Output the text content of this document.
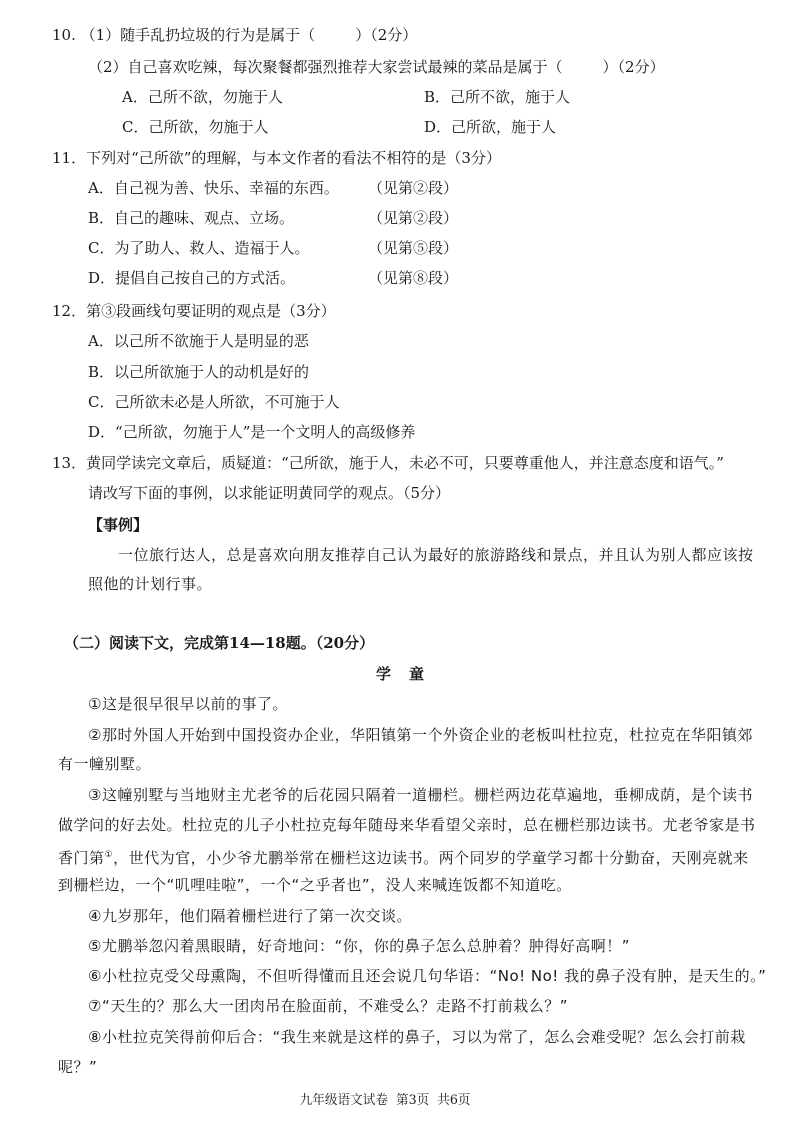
10. （1）随手乱扔垃圾的行为是属于（	）（2分）
（2）自己喜欢吃辣，每次聚餐都强烈推荐大家尝试最辣的菜品是属于（	）（2分）
A．己所不欲，勿施于人	B．己所不欲，施于人
C．己所欲，勿施于人	D．己所欲，施于人
11．下列对“己所欲”的理解，与本文作者的看法不相符的是（3分）
A．自己视为善、快乐、幸福的东西。 （见第②段）
B．自己的趣味、观点、立场。	（见第②段）
C．为了助人、救人、造福于人。	（见第⑤段）
D．提倡自己按自己的方式活。	（见第⑧段）
12．第③段画线句要证明的观点是（3分）
A．以己所不欲施于人是明显的恶
B．以己所欲施于人的动机是好的
C．己所欲未必是人所欲，不可施于人
D．“己所欲，勿施于人”是一个文明人的高级修养
13．黄同学读完文章后，质疑道：“己所欲，施于人，未必不可，只要尊重他人，并注意态度和语气。”
请改写下面的事例，以求能证明黄同学的观点。（5分）
【事例】
一位旅行达人，总是喜欢向朋友推荐自己认为最好的旅游路线和景点，并且认为别人都应该按
照他的计划行事。
（二）阅读下文，完成第14—18题。（20分）
学童
①这是很早很早以前的事了。
②那时外国人开始到中国投资办企业，华阳镇第一个外资企业的老板叫杜拉克，杜拉克在华阳镇郊
有一幢别墅。
③这幢别墅与当地财主尤老爷的后花园只隔着一道栅栏。栅栏两边花草遍地，垂柳成荫，是个读书
做学问的好去处。杜拉克的儿子小杜拉克每年随母来华看望父亲时，总在栅栏那边读书。尤老爷家是书
香门第①，世代为官，小少爷尤鹏举常在栅栏这边读书。两个同岁的学童学习都十分勤奋，天刚亮就来
到栅栏边，一个“叽哩哇啦”，一个“之乎者也”，没人来喊连饭都不知道吃。
④九岁那年，他们隔着栅栏进行了第一次交谈。
⑤尤鹏举忽闪着黑眼睛，好奇地问：“你，你的鼻子怎么总肿着？肿得好高啊！”
⑥小杜拉克受父母熏陶，不但听得懂而且还会说几句华语：“No! No! 我的鼻子没有肿，是天生的。”
⑦“天生的？那么大一团肉吊在脸面前，不难受么？走路不打前栽么？”
⑧小杜拉克笑得前仰后合：“我生来就是这样的鼻子，习以为常了，怎么会难受呢？怎么会打前栽
呢？”
九年级语文试卷  第3页  共6页
